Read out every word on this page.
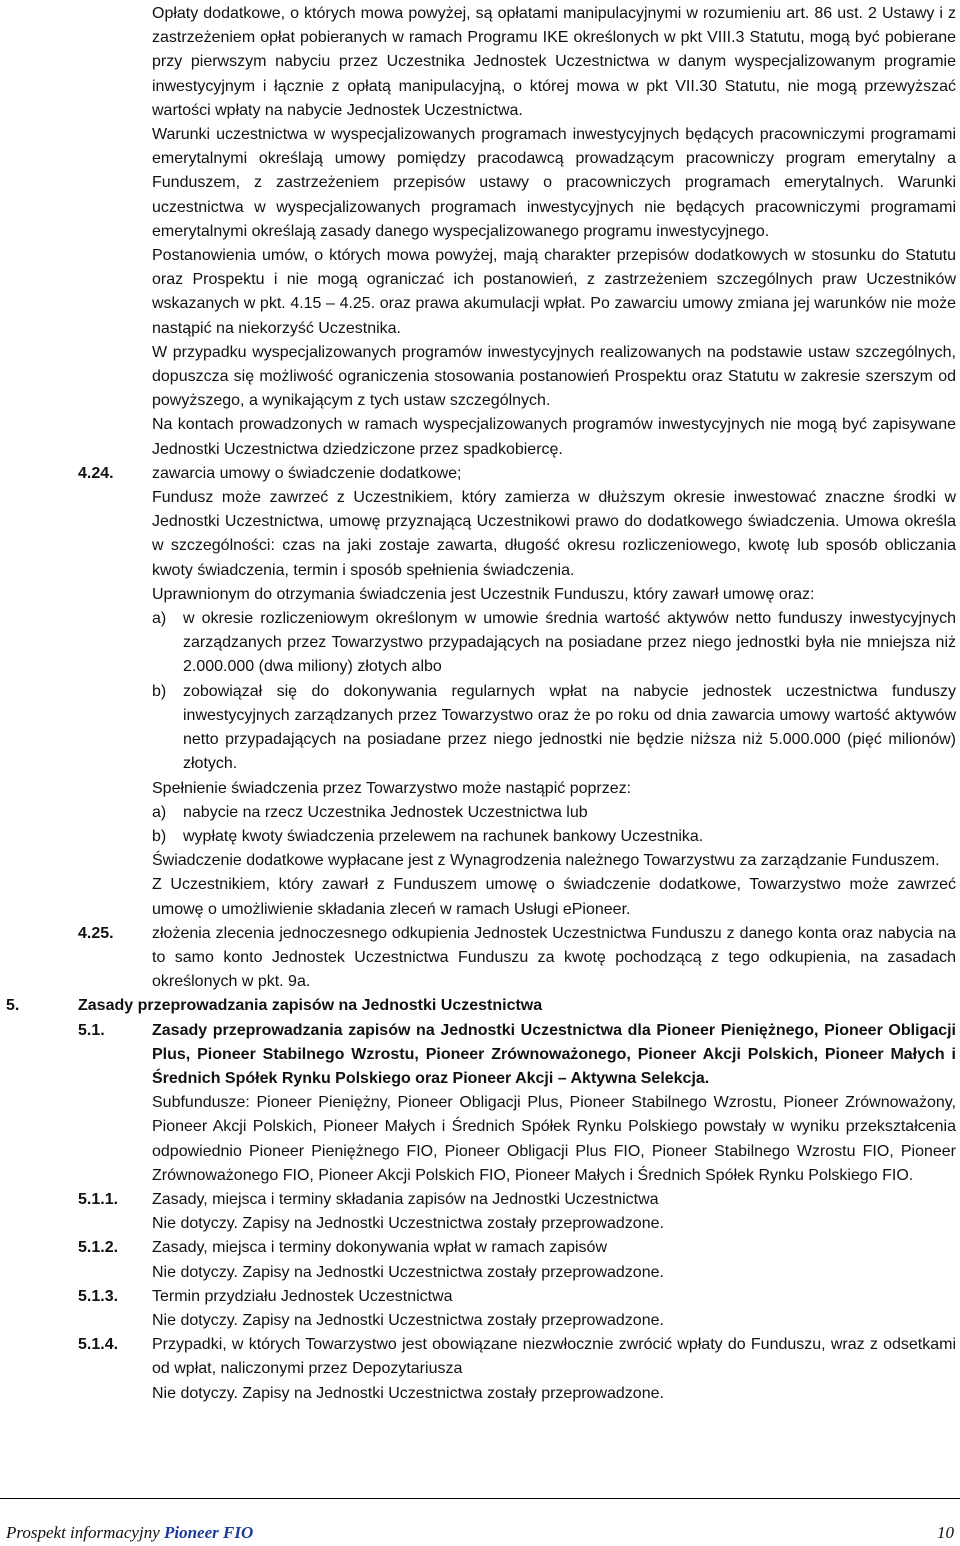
Opłaty dodatkowe, o których mowa powyżej, są opłatami manipulacyjnymi w rozumieniu art. 86 ust. 2 Ustawy i z zastrzeżeniem opłat pobieranych w ramach Programu IKE określonych w pkt VIII.3 Statutu, mogą być pobierane przy pierwszym nabyciu przez Uczestnika Jednostek Uczestnictwa w danym wyspecjalizowanym programie inwestycyjnym i łącznie z opłatą manipulacyjną, o której mowa w pkt VII.30 Statutu, nie mogą przewyższać wartości wpłaty na nabycie Jednostek Uczestnictwa.

Warunki uczestnictwa w wyspecjalizowanych programach inwestycyjnych będących pracowniczymi programami emerytalnymi określają umowy pomiędzy pracodawcą prowadzącym pracowniczy program emerytalny a Funduszem, z zastrzeżeniem przepisów ustawy o pracowniczych programach emerytalnych. Warunki uczestnictwa w wyspecjalizowanych programach inwestycyjnych nie będących pracowniczymi programami emerytalnymi określają zasady danego wyspecjalizowanego programu inwestycyjnego.

Postanowienia umów, o których mowa powyżej, mają charakter przepisów dodatkowych w stosunku do Statutu oraz Prospektu i nie mogą ograniczać ich postanowień, z zastrzeżeniem szczególnych praw Uczestników wskazanych w pkt. 4.15 – 4.25. oraz prawa akumulacji wpłat. Po zawarciu umowy zmiana jej warunków nie może nastąpić na niekorzyść Uczestnika.

W przypadku wyspecjalizowanych programów inwestycyjnych realizowanych na podstawie ustaw szczególnych, dopuszcza się możliwość ograniczenia stosowania postanowień Prospektu oraz Statutu w zakresie szerszym od powyższego, a wynikającym z tych ustaw szczególnych.

Na kontach prowadzonych w ramach wyspecjalizowanych programów inwestycyjnych nie mogą być zapisywane Jednostki Uczestnictwa dziedziczone przez spadkobiercę.

4.24. zawarcia umowy o świadczenie dodatkowe;

Fundusz może zawrzeć z Uczestnikiem, który zamierza w dłuższym okresie inwestować znaczne środki w Jednostki Uczestnictwa, umowę przyznającą Uczestnikowi prawo do dodatkowego świadczenia. Umowa określa w szczególności: czas na jaki zostaje zawarta, długość okresu rozliczeniowego, kwotę lub sposób obliczania kwoty świadczenia, termin i sposób spełnienia świadczenia.

Uprawnionym do otrzymania świadczenia jest Uczestnik Funduszu, który zawarł umowę oraz:

a) w okresie rozliczeniowym określonym w umowie średnia wartość aktywów netto funduszy inwestycyjnych zarządzanych przez Towarzystwo przypadających na posiadane przez niego jednostki była nie mniejsza niż 2.000.000 (dwa miliony) złotych albo

b) zobowiązał się do dokonywania regularnych wpłat na nabycie jednostek uczestnictwa funduszy inwestycyjnych zarządzanych przez Towarzystwo oraz że po roku od dnia zawarcia umowy wartość aktywów netto przypadających na posiadane przez niego jednostki nie będzie niższa niż 5.000.000 (pięć milionów) złotych.

Spełnienie świadczenia przez Towarzystwo może nastąpić poprzez:

a) nabycie na rzecz Uczestnika Jednostek Uczestnictwa lub

b) wypłatę kwoty świadczenia przelewem na rachunek bankowy Uczestnika.

Świadczenie dodatkowe wypłacane jest z Wynagrodzenia należnego Towarzystwu za zarządzanie Funduszem.

Z Uczestnikiem, który zawarł z Funduszem umowę o świadczenie dodatkowe, Towarzystwo może zawrzeć umowę o umożliwienie składania zleceń w ramach Usługi ePioneer.

4.25. złożenia zlecenia jednoczesnego odkupienia Jednostek Uczestnictwa Funduszu z danego konta oraz nabycia na to samo konto Jednostek Uczestnictwa Funduszu za kwotę pochodzącą z tego odkupienia, na zasadach określonych w pkt. 9a.

5.	Zasady przeprowadzania zapisów na Jednostki Uczestnictwa

5.1.	Zasady przeprowadzania zapisów na Jednostki Uczestnictwa dla Pioneer Pieniężnego, Pioneer Obligacji Plus, Pioneer Stabilnego Wzrostu, Pioneer Zrównoważonego, Pioneer Akcji Polskich, Pioneer Małych i Średnich Spółek Rynku Polskiego oraz Pioneer Akcji – Aktywna Selekcja.

Subfundusze: Pioneer Pieniężny, Pioneer Obligacji Plus, Pioneer Stabilnego Wzrostu, Pioneer Zrównoważony, Pioneer Akcji Polskich, Pioneer Małych i Średnich Spółek Rynku Polskiego powstały w wyniku przekształcenia odpowiednio Pioneer Pieniężnego FIO, Pioneer Obligacji Plus FIO, Pioneer Stabilnego Wzrostu FIO, Pioneer Zrównoważonego FIO, Pioneer Akcji Polskich FIO, Pioneer Małych i Średnich Spółek Rynku Polskiego FIO.

5.1.1. Zasady, miejsca i terminy składania zapisów na Jednostki Uczestnictwa

Nie dotyczy. Zapisy na Jednostki Uczestnictwa zostały przeprowadzone.

5.1.2. Zasady, miejsca i terminy dokonywania wpłat w ramach zapisów

Nie dotyczy. Zapisy na Jednostki Uczestnictwa zostały przeprowadzone.

5.1.3. Termin przydziału Jednostek Uczestnictwa

Nie dotyczy. Zapisy na Jednostki Uczestnictwa zostały przeprowadzone.

5.1.4. Przypadki, w których Towarzystwo jest obowiązane niezwłocznie zwrócić wpłaty do Funduszu, wraz z odsetkami od wpłat, naliczonymi przez Depozytariusza

Nie dotyczy. Zapisy na Jednostki Uczestnictwa zostały przeprowadzone.

Prospekt informacyjny Pioneer FIO	10
